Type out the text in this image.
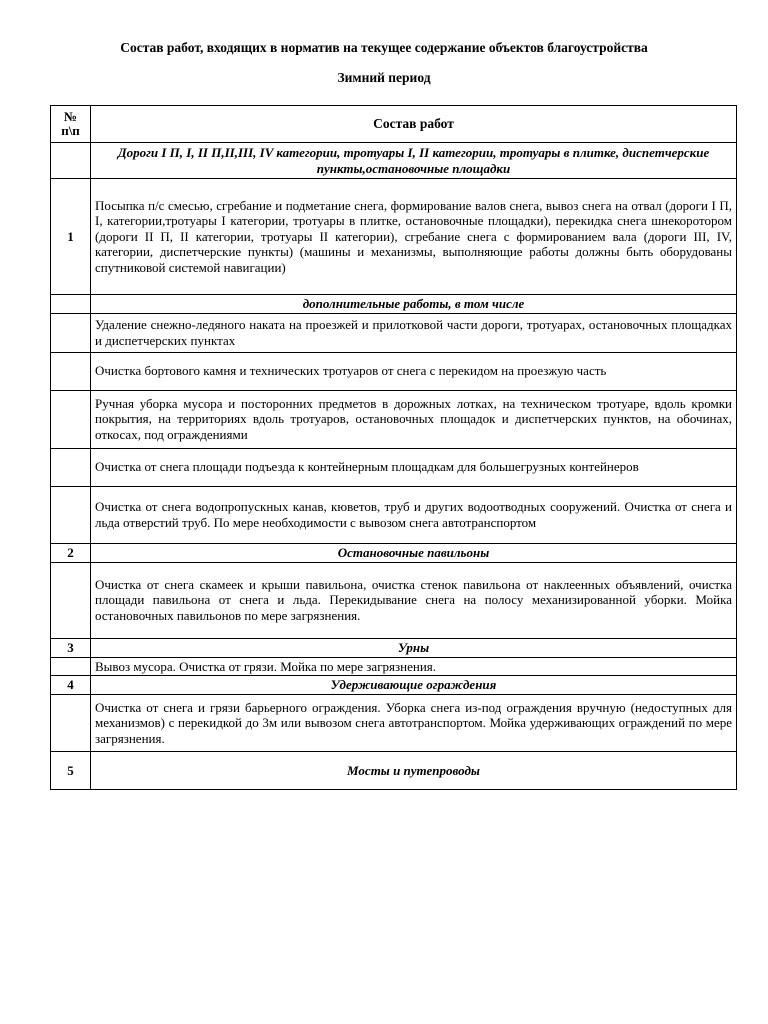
Состав работ, входящих в норматив на текущее содержание объектов благоустройства
Зимний период
№ п\п	Состав работ
	Дороги I П, I, II П,II,III, IV категории, тротуары I, II категории, тротуары в плитке, диспетчерские пункты,остановочные площадки
1	Посыпка п/с смесью, сгребание и подметание снега, формирование валов снега, вывоз снега на отвал (дороги I П, I, категории,тротуары I категории, тротуары в плитке, остановочные площадки), перекидка снега шнекоротором (дороги II П, II категории, тротуары II категории), сгребание снега с формированием вала (дороги III, IV, категории, диспетчерские пункты) (машины и механизмы, выполняющие работы должны быть оборудованы спутниковой системой навигации)
	дополнительные работы, в том числе
	Удаление снежно-ледяного наката на проезжей и прилотковой части дороги, тротуарах, остановочных площадках и диспетчерских пунктах
	Очистка бортового камня и технических тротуаров от снега с перекидом на проезжую часть
	Ручная уборка мусора и посторонних предметов в дорожных лотках, на техническом тротуаре, вдоль кромки покрытия, на территориях вдоль тротуаров, остановочных площадок и диспетчерских пунктов, на обочинах, откосах, под ограждениями
	Очистка от снега площади подъезда к контейнерным площадкам для большегрузных контейнеров
	Очистка от снега водопропускных канав, кюветов, труб и других водоотводных сооружений. Очистка от снега и льда отверстий труб. По мере необходимости с вывозом снега автотранспортом
2	Остановочные павильоны
	Очистка от снега скамеек и крыши павильона, очистка стенок павильона от наклеенных объявлений, очистка площади павильона от снега и льда. Перекидывание снега на полосу механизированной уборки. Мойка остановочных павильонов по мере загрязнения.
3	Урны
	Вывоз мусора. Очистка от грязи. Мойка по мере загрязнения.
4	Удерживающие ограждения
	Очистка от снега и грязи барьерного ограждения. Уборка снега из-под ограждения вручную (недоступных для механизмов) с перекидкой до 3м или вывозом снега автотранспортом. Мойка удерживающих ограждений по мере загрязнения.
5	Мосты и путепроводы
